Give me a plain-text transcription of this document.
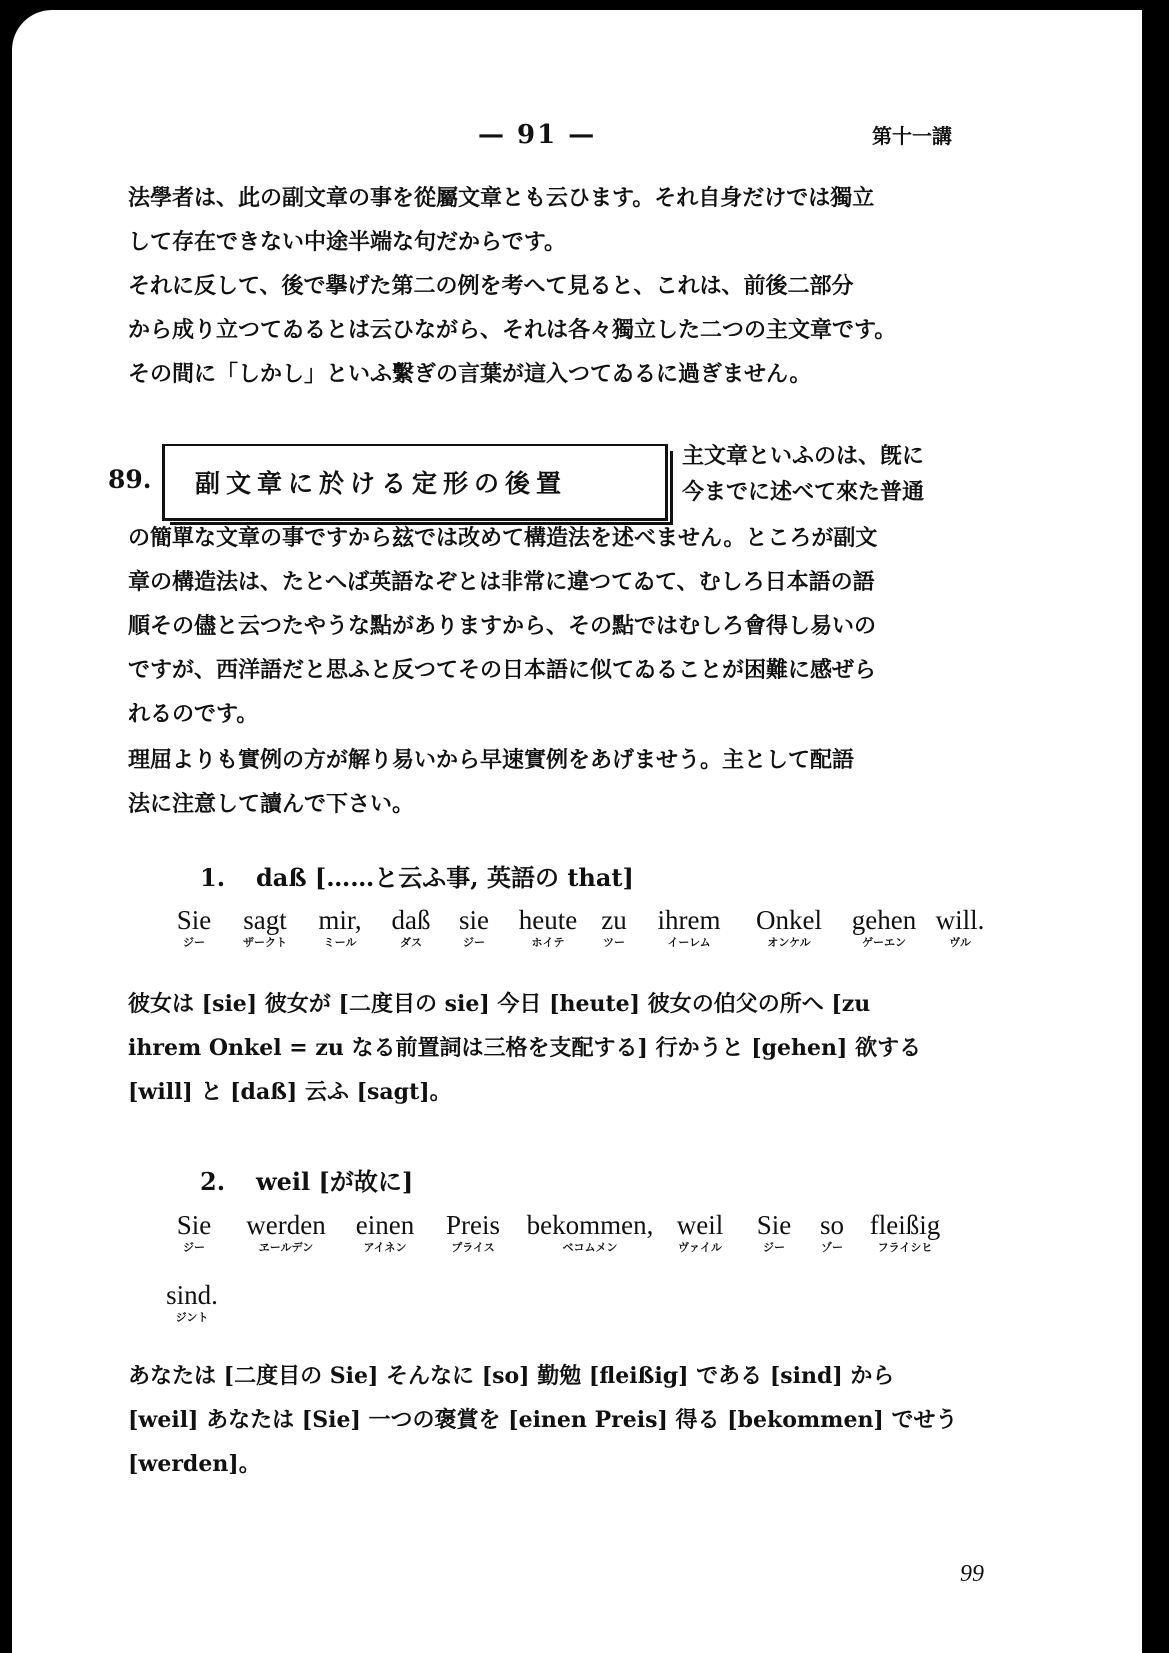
— 91 —	第十一講
法學者は、此の副文章の事を從屬文章とも云ひます。それ自身だけでは獨立
して存在できない中途半端な句だからです。
それに反して、後で擧げた第二の例を考へて見ると、これは、前後二部分
から成り立つてゐるとは云ひながら、それは各々獨立した二つの主文章です。
その間に「しかし」といふ繫ぎの言葉が這入つてゐるに過ぎません。
89. 副文章に於ける定形の後置
主文章といふのは、旣に
今までに述べて來た普通
の簡單な文章の事ですから玆では改めて構造法を述べません。ところが副文
章の構造法は、たとへば英語なぞとは非常に違つてゐて、むしろ日本語の語
順その儘と云つたやうな點がありますから、その點ではむしろ會得し易いの
ですが、西洋語だと思ふと反つてその日本語に似てゐることが困難に感ぜら
れるのです。
理屈よりも實例の方が解り易いから早速實例をあげませう。主として配語
法に注意して讀んで下さい。
1. daß [……と云ふ事, 英語の that]
Sie
ジー
sagt
ザークト
mir,
ミール
daß
ダス
sie
ジー
heute
ホイテ
zu
ツー
ihrem
イーレム
Onkel
オンケル
gehen
ゲーエン
will.
ヴル
彼女は [sie] 彼女が [二度目の sie] 今日 [heute] 彼女の伯父の所へ [zu
ihrem Onkel = zu なる前置詞は三格を支配する] 行かうと [gehen] 欲する
[will] と [daß] 云ふ [sagt]。
2. weil [が故に]
Sie
ジー
werden
ヱールデン
einen
アイネン
Preis
プライス
bekommen,
ベコムメン
weil
ヴァイル
Sie
ジー
so
ゾー
fleißig
フライシヒ
sind.
ジント
あなたは [二度目の Sie] そんなに [so] 勤勉 [fleißig] である [sind] から
[weil] あなたは [Sie] 一つの褒賞を [einen Preis] 得る [bekommen] でせう
[werden]。
99
